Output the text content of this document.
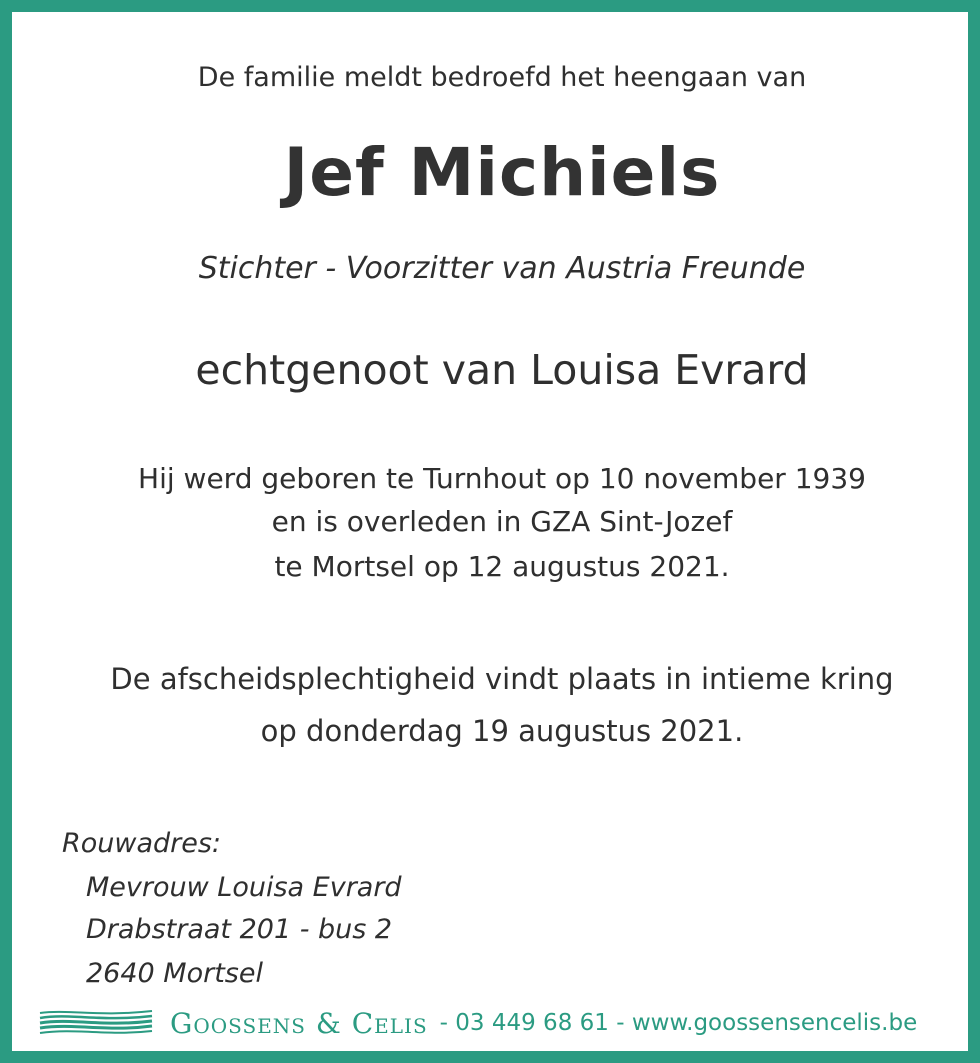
De familie meldt bedroefd het heengaan van
Jef Michiels
Stichter - Voorzitter van Austria Freunde
echtgenoot van Louisa Evrard
Hij werd geboren te Turnhout op 10 november 1939
en is overleden in GZA Sint-Jozef
te Mortsel op 12 augustus 2021.
De afscheidsplechtigheid vindt plaats in intieme kring
op donderdag 19 augustus 2021.
Rouwadres:
Mevrouw Louisa Evrard
Drabstraat 201 - bus 2
2640 Mortsel
Goossens & Celis - 03 449 68 61 - www.goossensencelis.be
